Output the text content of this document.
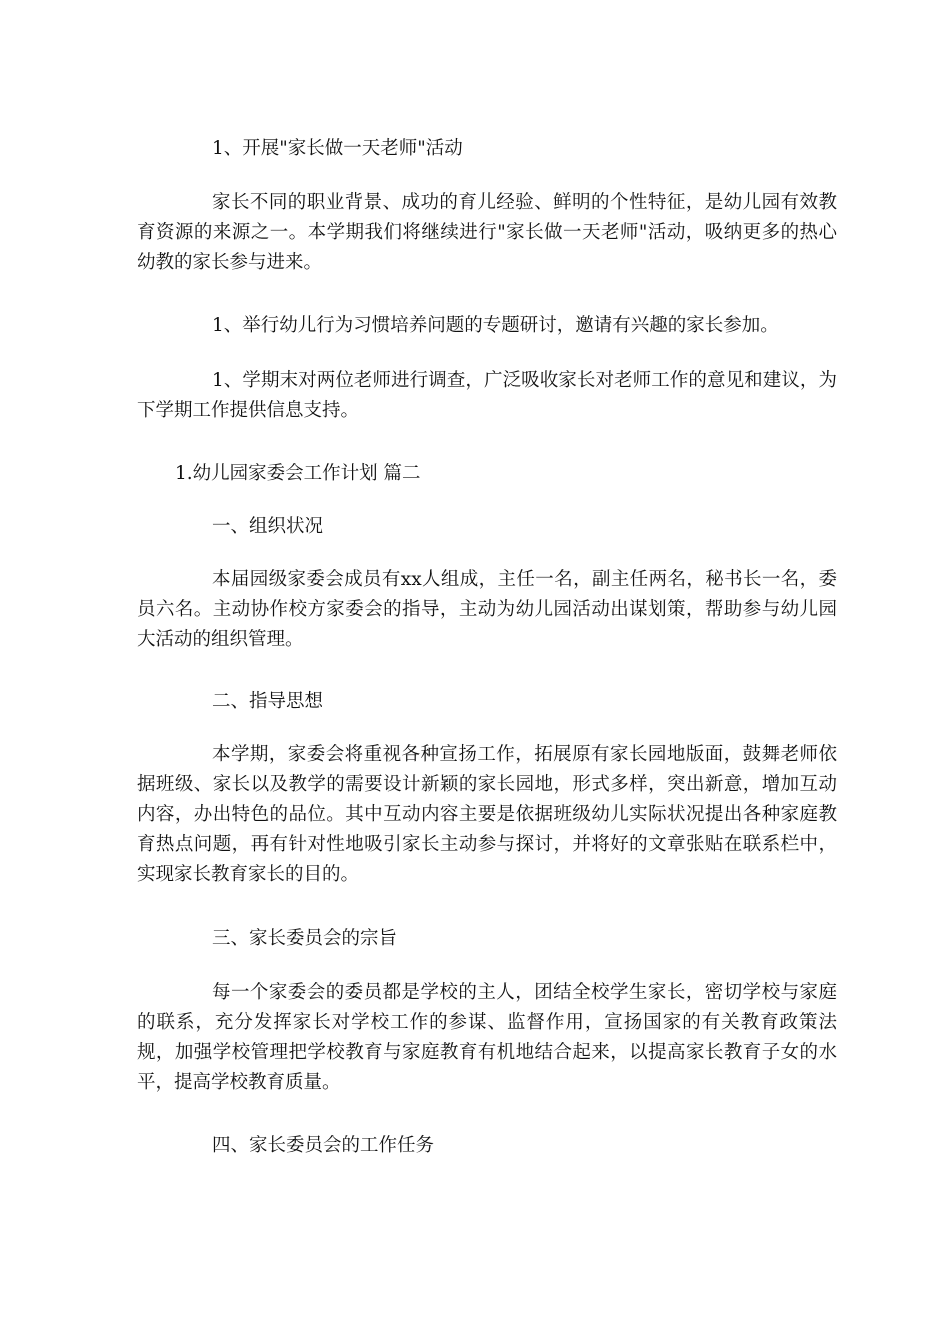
1、开展"家长做一天老师"活动

家长不同的职业背景、成功的育儿经验、鲜明的个性特征，是幼儿园有效教育资源的来源之一。本学期我们将继续进行"家长做一天老师"活动，吸纳更多的热心幼教的家长参与进来。

1、举行幼儿行为习惯培养问题的专题研讨，邀请有兴趣的家长参加。

1、学期末对两位老师进行调查，广泛吸收家长对老师工作的意见和建议，为下学期工作提供信息支持。

1.幼儿园家委会工作计划 篇二

一、组织状况

本届园级家委会成员有xx人组成，主任一名，副主任两名，秘书长一名，委员六名。主动协作校方家委会的指导，主动为幼儿园活动出谋划策，帮助参与幼儿园大活动的组织管理。

二、指导思想

本学期，家委会将重视各种宣扬工作，拓展原有家长园地版面，鼓舞老师依据班级、家长以及教学的需要设计新颖的家长园地，形式多样，突出新意，增加互动内容，办出特色的品位。其中互动内容主要是依据班级幼儿实际状况提出各种家庭教育热点问题，再有针对性地吸引家长主动参与探讨，并将好的文章张贴在联系栏中，实现家长教育家长的目的。

三、家长委员会的宗旨

每一个家委会的委员都是学校的主人，团结全校学生家长，密切学校与家庭的联系，充分发挥家长对学校工作的参谋、监督作用，宣扬国家的有关教育政策法规，加强学校管理把学校教育与家庭教育有机地结合起来，以提高家长教育子女的水平，提高学校教育质量。

四、家长委员会的工作任务
